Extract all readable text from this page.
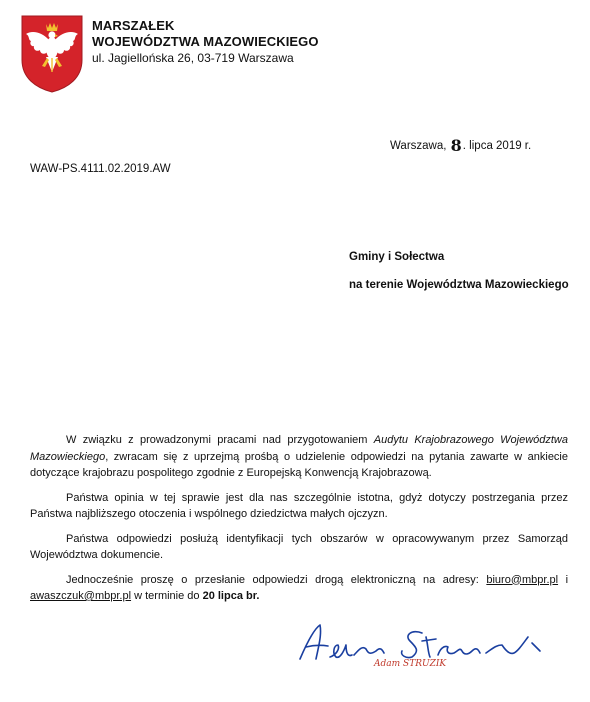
MARSZAŁEK
WOJEWÓDZTWA MAZOWIECKIEGO
ul. Jagiellońska 26, 03-719 Warszawa
Warszawa, 8. lipca 2019 r.
WAW-PS.4111.02.2019.AW
Gminy i Sołectwa
na terenie Województwa Mazowieckiego

W związku z prowadzonymi pracami nad przygotowaniem Audytu Krajobrazowego Województwa Mazowieckiego, zwracam się z uprzejmą prośbą o udzielenie odpowiedzi na pytania zawarte w ankiecie dotyczące krajobrazu pospolitego zgodnie z Europejską Konwencją Krajobrazową.

Państwa opinia w tej sprawie jest dla nas szczególnie istotna, gdyż dotyczy postrzegania przez Państwa najbliższego otoczenia i wspólnego dziedzictwa małych ojczyzn.

Państwa odpowiedzi posłużą identyfikacji tych obszarów w opracowywanym przez Samorząd Województwa dokumencie.

Jednocześnie proszę o przesłanie odpowiedzi drogą elektroniczną na adresy: biuro@mbpr.pl i awaszczuk@mbpr.pl w terminie do 20 lipca br.

Adam STRUZIK
